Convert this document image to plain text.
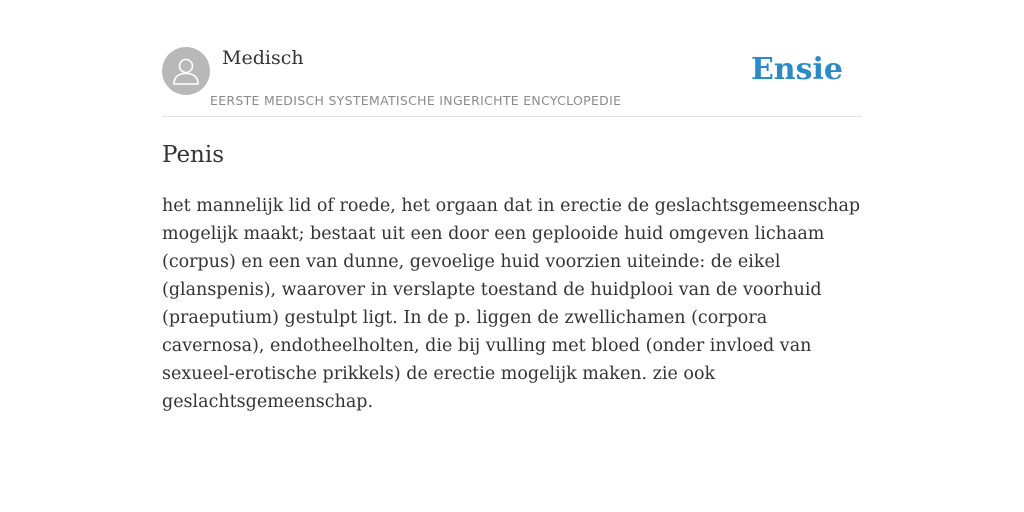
Medisch
EERSTE MEDISCH SYSTEMATISCHE INGERICHTE ENCYCLOPEDIE
Ensie
Penis

het mannelijk lid of roede, het orgaan dat in erectie de geslachtsgemeenschap mogelijk maakt; bestaat uit een door een geplooide huid omgeven lichaam (corpus) en een van dunne, gevoelige huid voorzien uiteinde: de eikel (glanspenis), waarover in verslapte toestand de huidplooi van de voorhuid (praeputium) gestulpt ligt. In de p. liggen de zwellichamen (corpora cavernosa), endotheelholten, die bij vulling met bloed (onder invloed van sexueel-erotische prikkels) de erectie mogelijk maken. zie ook geslachtsgemeenschap.
